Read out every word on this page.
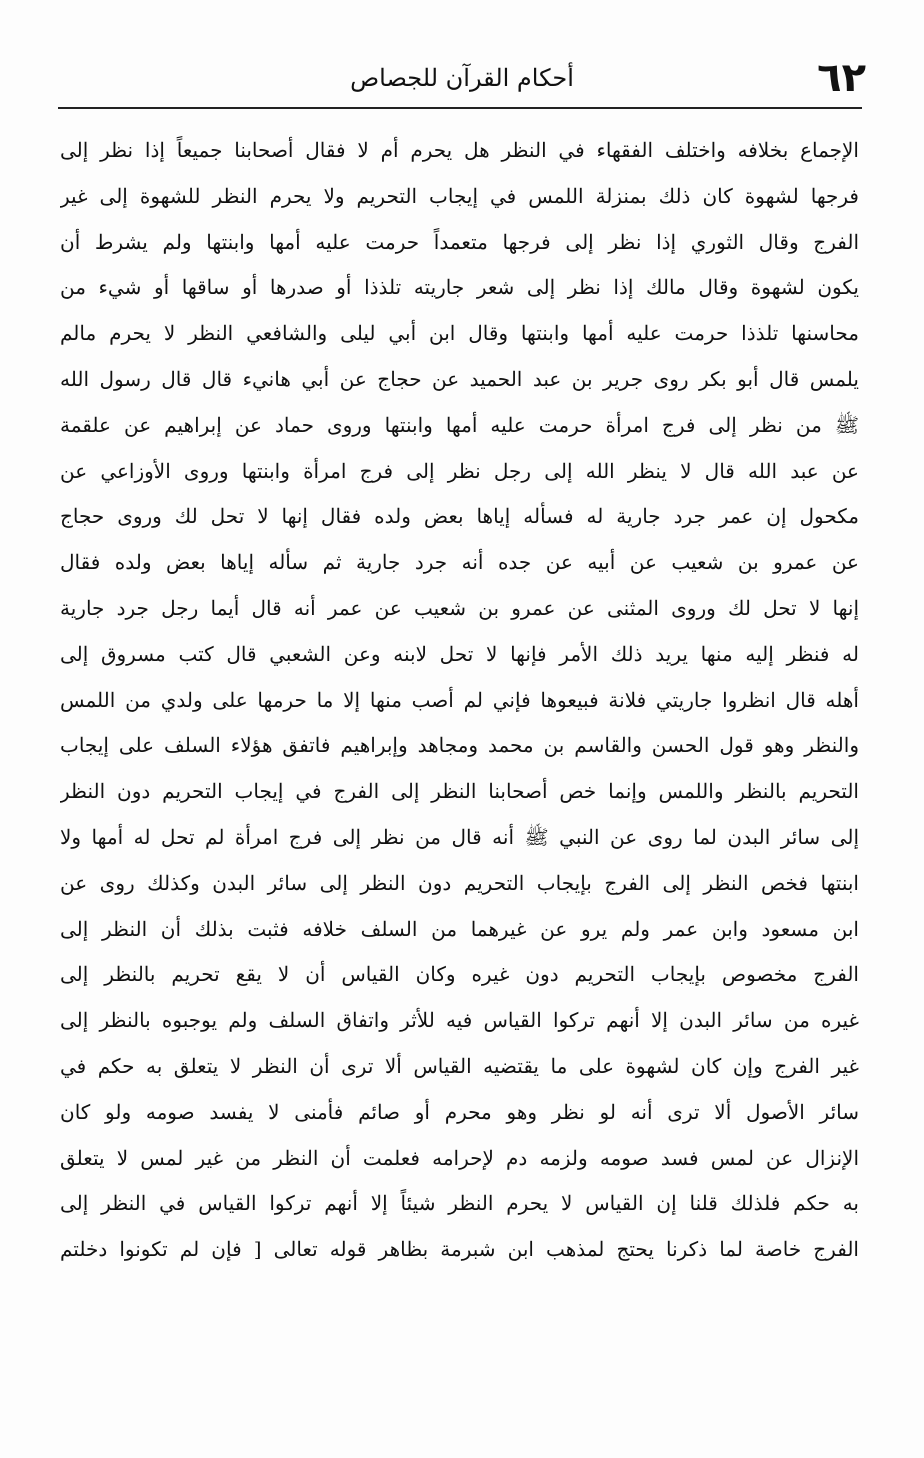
٦٢
أحكام القرآن للجصاص
الإجماع بخلافه واختلف الفقهاء في النظر هل يحرم أم لا فقال أصحابنا جميعاً إذا نظر إلى
فرجها لشهوة كان ذلك بمنزلة اللمس في إيجاب التحريم ولا يحرم النظر للشهوة إلى غير
الفرج وقال الثوري إذا نظر إلى فرجها متعمداً حرمت عليه أمها وابنتها ولم يشرط أن
يكون لشهوة وقال مالك إذا نظر إلى شعر جاريته تلذذا أو صدرها أو ساقها أو شيء من
محاسنها تلذذا حرمت عليه أمها وابنتها وقال ابن أبي ليلى والشافعي النظر لا يحرم مالم
يلمس قال أبو بكر روى جرير بن عبد الحميد عن حجاج عن أبي هانيء قال قال رسول الله
ﷺ من نظر إلى فرج امرأة حرمت عليه أمها وابنتها وروى حماد عن إبراهيم عن علقمة
عن عبد الله قال لا ينظر الله إلى رجل نظر إلى فرج امرأة وابنتها وروى الأوزاعي عن
مكحول إن عمر جرد جارية له فسأله إياها بعض ولده فقال إنها لا تحل لك وروى حجاج
عن عمرو بن شعيب عن أبيه عن جده أنه جرد جارية ثم سأله إياها بعض ولده فقال
إنها لا تحل لك وروى المثنى عن عمرو بن شعيب عن عمر أنه قال أيما رجل جرد جارية
له فنظر إليه منها يريد ذلك الأمر فإنها لا تحل لابنه وعن الشعبي قال كتب مسروق إلى
أهله قال انظروا جاريتي فلانة فبيعوها فإني لم أصب منها إلا ما حرمها على ولدي من اللمس
والنظر وهو قول الحسن والقاسم بن محمد ومجاهد وإبراهيم فاتفق هؤلاء السلف على إيجاب
التحريم بالنظر واللمس وإنما خص أصحابنا النظر إلى الفرج في إيجاب التحريم دون النظر
إلى سائر البدن لما روى عن النبي ﷺ أنه قال من نظر إلى فرج امرأة لم تحل له أمها ولا
ابنتها فخص النظر إلى الفرج بإيجاب التحريم دون النظر إلى سائر البدن وكذلك روى عن
ابن مسعود وابن عمر ولم يرو عن غيرهما من السلف خلافه فثبت بذلك أن النظر إلى
الفرج مخصوص بإيجاب التحريم دون غيره وكان القياس أن لا يقع تحريم بالنظر إلى
غيره من سائر البدن إلا أنهم تركوا القياس فيه للأثر واتفاق السلف ولم يوجبوه بالنظر إلى
غير الفرج وإن كان لشهوة على ما يقتضيه القياس ألا ترى أن النظر لا يتعلق به حكم في
سائر الأصول ألا ترى أنه لو نظر وهو محرم أو صائم فأمنى لا يفسد صومه ولو كان
الإنزال عن لمس فسد صومه ولزمه دم لإحرامه فعلمت أن النظر من غير لمس لا يتعلق
به حكم فلذلك قلنا إن القياس لا يحرم النظر شيئاً إلا أنهم تركوا القياس في النظر إلى
الفرج خاصة لما ذكرنا يحتج لمذهب ابن شبرمة بظاهر قوله تعالى [ فإن لم تكونوا دخلتم
